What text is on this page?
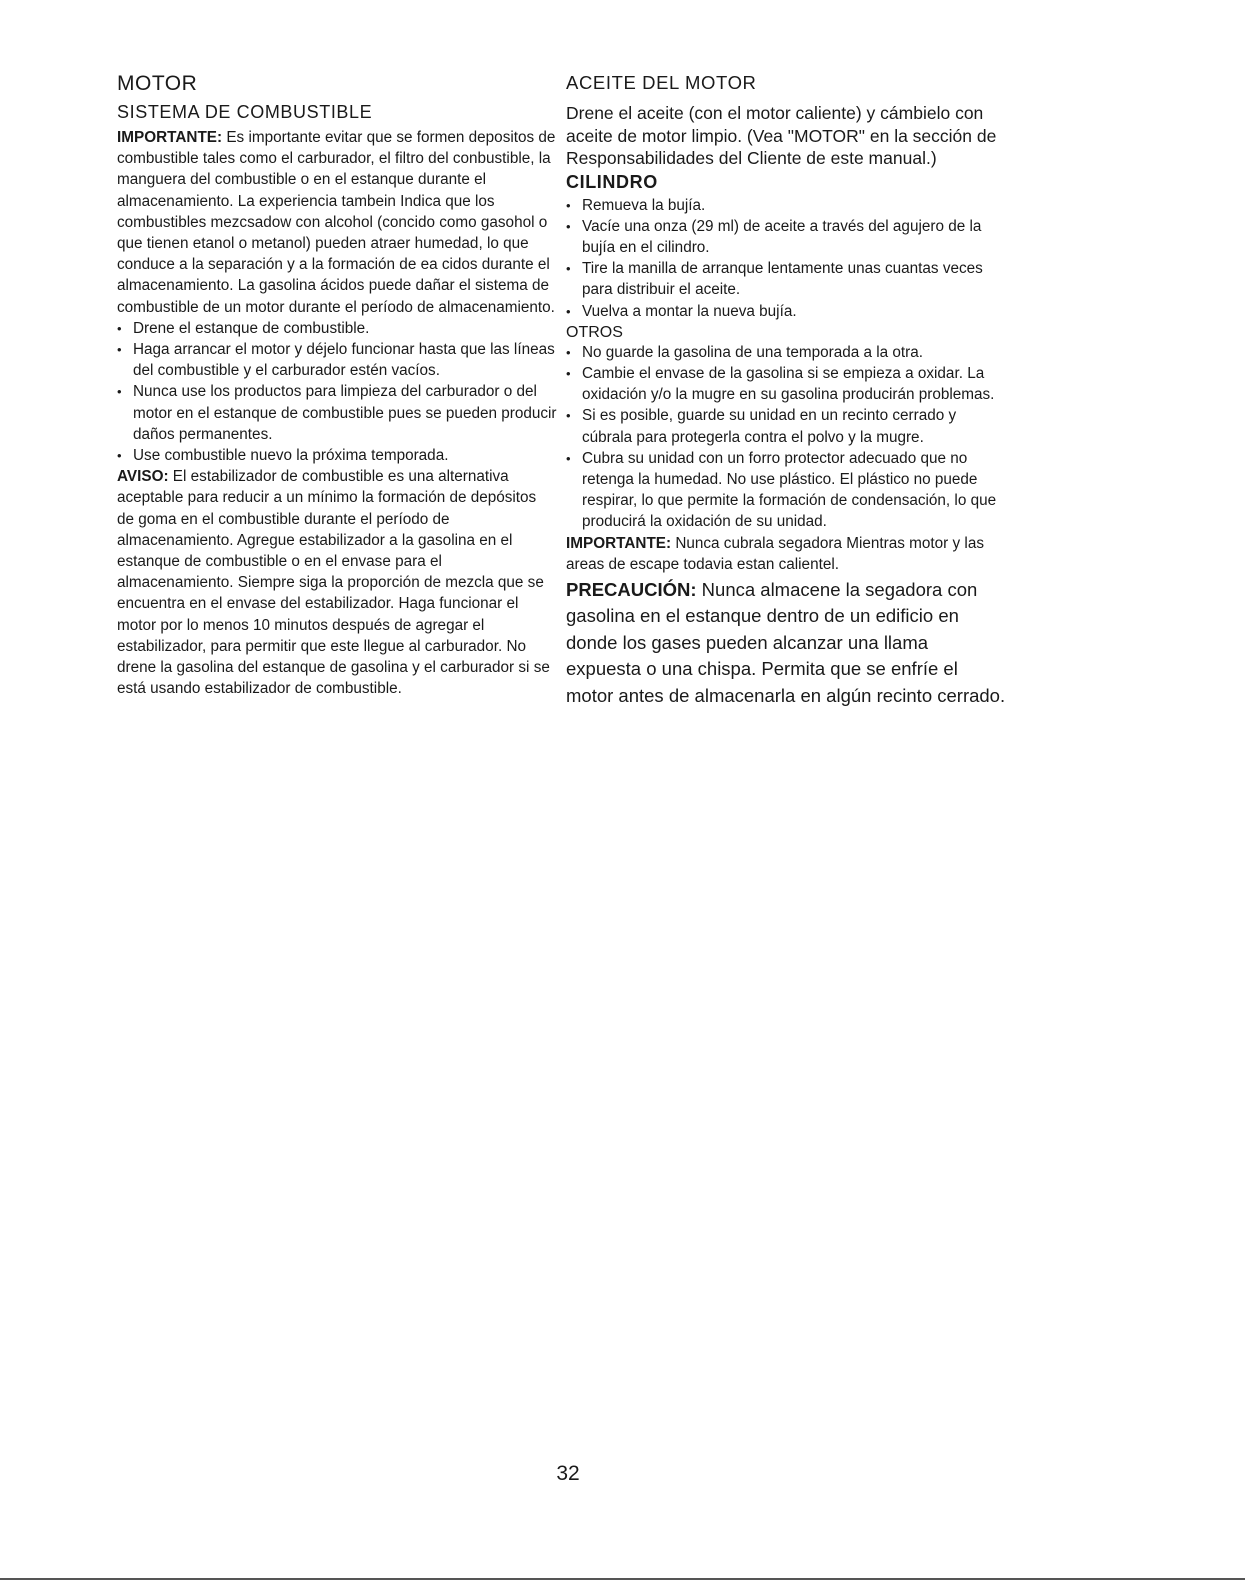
MOTOR
SISTEMA DE COMBUSTIBLE

IMPORTANTE: Es importante evitar que se formen depositos de combustible tales como el carburador, el filtro del conbustible, la manguera del combustible o en el estanque durante el almacenamiento. La experiencia tambein Indica que los combustibles mezcsadow con alcohol (concido como gasohol o que tienen etanol o metanol) pueden atraer humedad, lo que conduce a la separación y a la formación de ea cidos durante el almacenamiento. La gasolina ácidos puede dañar el sistema de combustible de un motor durante el período de almacenamiento.

• Drene el estanque de combustible.
• Haga arrancar el motor y déjelo funcionar hasta que las líneas del combustible y el carburador estén vacíos.
• Nunca use los productos para limpieza del carburador o del motor en el estanque de combustible pues se pueden producir daños permanentes.
• Use combustible nuevo la próxima temporada.

AVISO: El estabilizador de combustible es una alternativa aceptable para reducir a un mínimo la formación de depósitos de goma en el combustible durante el período de almacenamiento. Agregue estabilizador a la gasolina en el estanque de combustible o en el envase para el almacenamiento. Siempre siga la proporción de mezcla que se encuentra en el envase del estabilizador. Haga funcionar el motor por lo menos 10 minutos después de agregar el estabilizador, para permitir que este llegue al carburador. No drene la gasolina del estanque de gasolina y el carburador si se está usando estabilizador de combustible.

ACEITE DEL MOTOR

Drene el aceite (con el motor caliente) y cámbielo con aceite de motor limpio. (Vea "MOTOR" en la sección de Responsabilidades del Cliente de este manual.)

CILINDRO
• Remueva la bujía.
• Vacíe una onza (29 ml) de aceite a través del agujero de la bujía en el cilindro.
• Tire la manilla de arranque lentamente unas cuantas veces para distribuir el aceite.
• Vuelva a montar la nueva bujía.
OTROS
• No guarde la gasolina de una temporada a la otra.
• Cambie el envase de la gasolina si se empieza a oxidar. La oxidación y/o la mugre en su gasolina producirán problemas.
• Si es posible, guarde su unidad en un recinto cerrado y cúbrala para protegerla contra el polvo y la mugre.
• Cubra su unidad con un forro protector adecuado que no retenga la humedad. No use plástico. El plástico no puede respirar, lo que permite la formación de condensación, lo que producirá la oxidación de su unidad.

IMPORTANTE: Nunca cubrala segadora Mientras motor y las areas de escape todavia estan calientel.

PRECAUCIÓN: Nunca almacene la segadora con gasolina en el estanque dentro de un edificio en donde los gases pueden alcanzar una llama expuesta o una chispa. Permita que se enfríe el motor antes de almacenarla en algún recinto cerrado.

32
